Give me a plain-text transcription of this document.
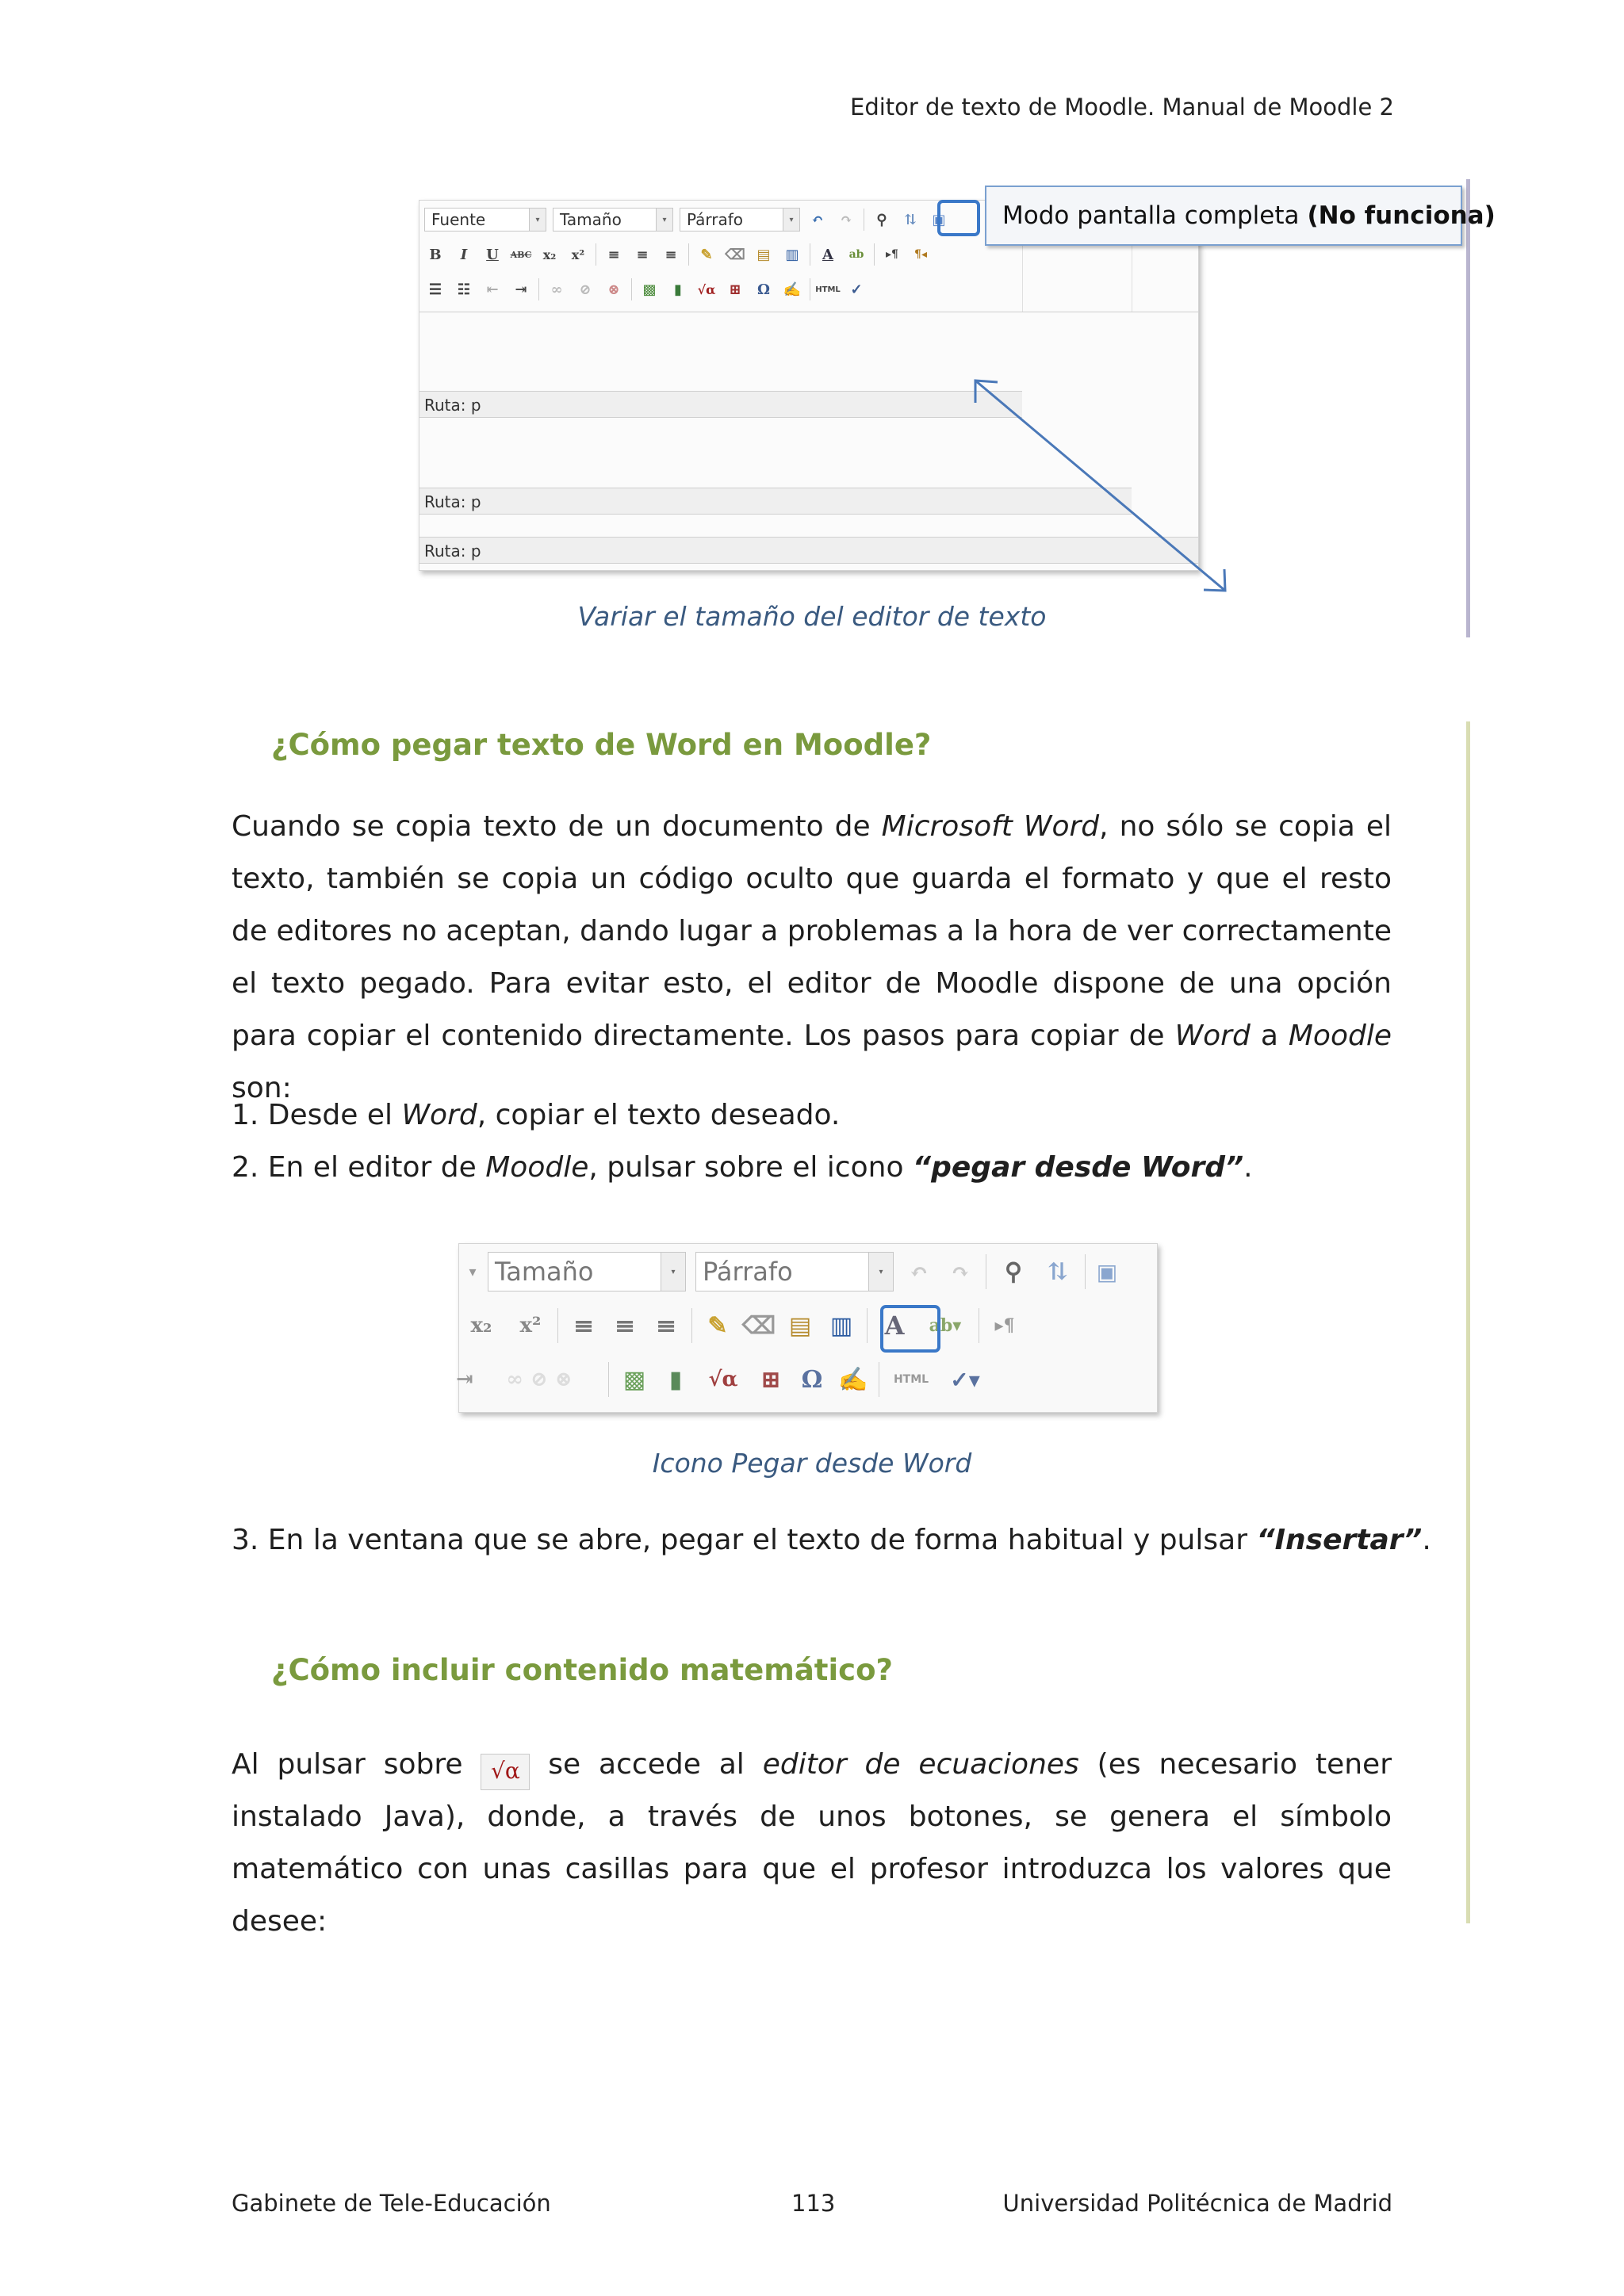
Editor de texto de Moodle. Manual de Moodle 2
Fuente	▾	Tamaño	▾	Párrafo	▾	↶	↷	⚲	⇅	▣
B	I	U	ABC x₂	x²	≡	≡	≡	✎ ⌫ ▤	▥	A	ab	▸¶	¶◂
☰	☷	⇤	⇥	∞	⊘	⊗	▩	▮	√α ⊞	Ω ✍ HTML ✓
Ruta: p
Ruta: p
Ruta: p
Modo pantalla completa (No funciona)
Variar el tamaño del editor de texto
¿Cómo pegar texto de Word en Moodle?
Cuando se copia texto de un documento de Microsoft Word, no sólo se copia el texto, también se copia un código oculto que guarda el formato y que el resto de editores no aceptan, dando lugar a problemas a la hora de ver correctamente el texto pegado. Para evitar esto, el editor de Moodle dispone de una opción para copiar el contenido directamente. Los pasos para copiar de Word a Moodle son:
1. Desde el Word, copiar el texto deseado.
2. En el editor de Moodle, pulsar sobre el icono “pegar desde Word”.
▾ Tamaño	▾	Párrafo	▾	↶ ↷	⚲	⇅	▣
x₂	x² ≡ ≡ ≡ ✎ ⌫ ▤ ▥ A	ab▾	▸¶
⇥	∞ ⊘ ⊗	▩ ▮	√α ⊞ Ω ✍	HTML ✓▾
Icono Pegar desde Word
3. En la ventana que se abre, pegar el texto de forma habitual y pulsar “Insertar”.
¿Cómo incluir contenido matemático?
Al pulsar sobre √α se accede al editor de ecuaciones (es necesario tener instalado Java), donde, a través de unos botones, se genera el símbolo matemático con unas casillas para que el profesor introduzca los valores que desee:
Gabinete de Tele-Educación	113	Universidad Politécnica de Madrid
